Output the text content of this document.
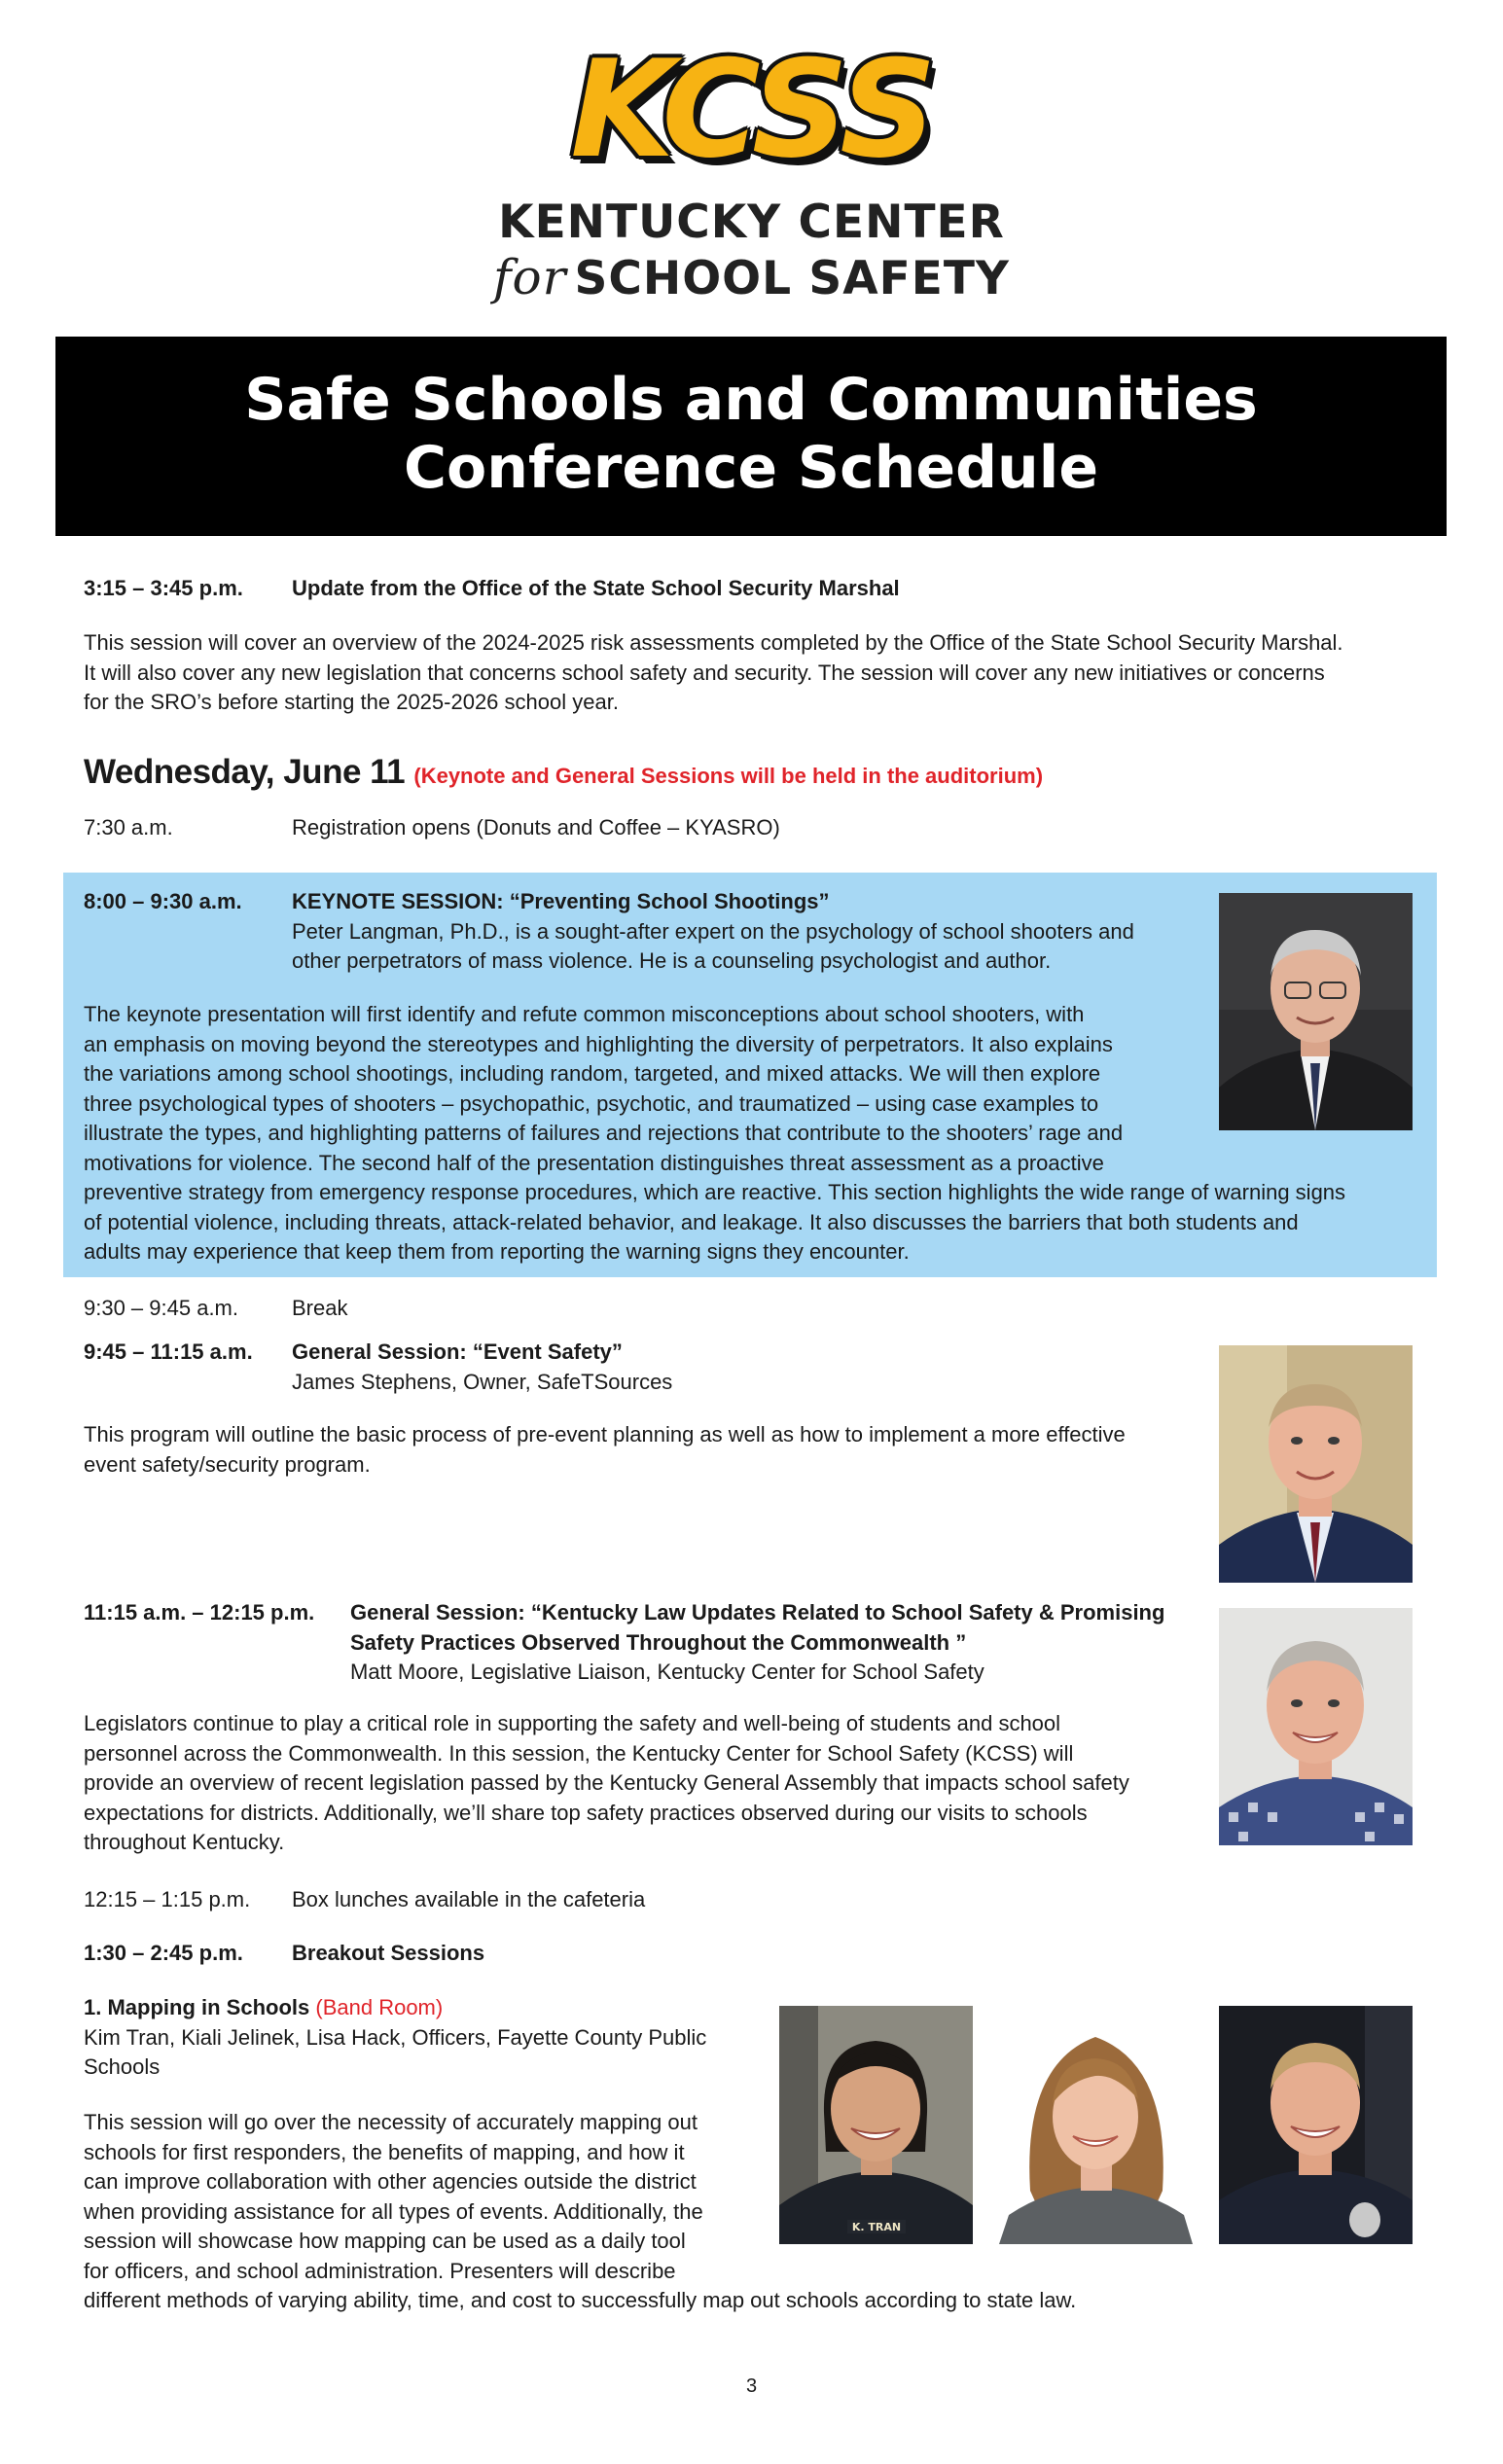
KCSS
KENTUCKY CENTER
for SCHOOL SAFETY
Safe Schools and Communities
Conference Schedule
3:15 – 3:45 p.m. Update from the Office of the State School Security Marshal
This session will cover an overview of the 2024-2025 risk assessments completed by the Office of the State School Security Marshal.
It will also cover any new legislation that concerns school safety and security. The session will cover any new initiatives or concerns
for the SRO’s before starting the 2025-2026 school year.
Wednesday, June 11 (Keynote and General Sessions will be held in the auditorium)
7:30 a.m.	Registration opens (Donuts and Coffee – KYASRO)
8:00 – 9:30 a.m. KEYNOTE SESSION: “Preventing School Shootings”
Peter Langman, Ph.D., is a sought-after expert on the psychology of school shooters and
other perpetrators of mass violence. He is a counseling psychologist and author.
The keynote presentation will first identify and refute common misconceptions about school shooters, with
an emphasis on moving beyond the stereotypes and highlighting the diversity of perpetrators. It also explains
the variations among school shootings, including random, targeted, and mixed attacks. We will then explore
three psychological types of shooters – psychopathic, psychotic, and traumatized – using case examples to
illustrate the types, and highlighting patterns of failures and rejections that contribute to the shooters’ rage and
motivations for violence. The second half of the presentation distinguishes threat assessment as a proactive
preventive strategy from emergency response procedures, which are reactive. This section highlights the wide range of warning signs
of potential violence, including threats, attack-related behavior, and leakage. It also discusses the barriers that both students and
adults may experience that keep them from reporting the warning signs they encounter.
9:30 – 9:45 a.m.	Break
9:45 – 11:15 a.m. General Session: “Event Safety”
James Stephens, Owner, SafeTSources
This program will outline the basic process of pre-event planning as well as how to implement a more effective
event safety/security program.
11:15 a.m. – 12:15 p.m. General Session: “Kentucky Law Updates Related to School Safety & Promising
Safety Practices Observed Throughout the Commonwealth ”
Matt Moore, Legislative Liaison, Kentucky Center for School Safety
Legislators continue to play a critical role in supporting the safety and well-being of students and school
personnel across the Commonwealth. In this session, the Kentucky Center for School Safety (KCSS) will
provide an overview of recent legislation passed by the Kentucky General Assembly that impacts school safety
expectations for districts. Additionally, we’ll share top safety practices observed during our visits to schools
throughout Kentucky.
12:15 – 1:15 p.m. Box lunches available in the cafeteria
1:30 – 2:45 p.m. Breakout Sessions
1. Mapping in Schools (Band Room)
Kim Tran, Kiali Jelinek, Lisa Hack, Officers, Fayette County Public
Schools
This session will go over the necessity of accurately mapping out
schools for first responders, the benefits of mapping, and how it
can improve collaboration with other agencies outside the district
when providing assistance for all types of events. Additionally, the
session will showcase how mapping can be used as a daily tool
for officers, and school administration. Presenters will describe
different methods of varying ability, time, and cost to successfully map out schools according to state law.
K. TRAN
3
